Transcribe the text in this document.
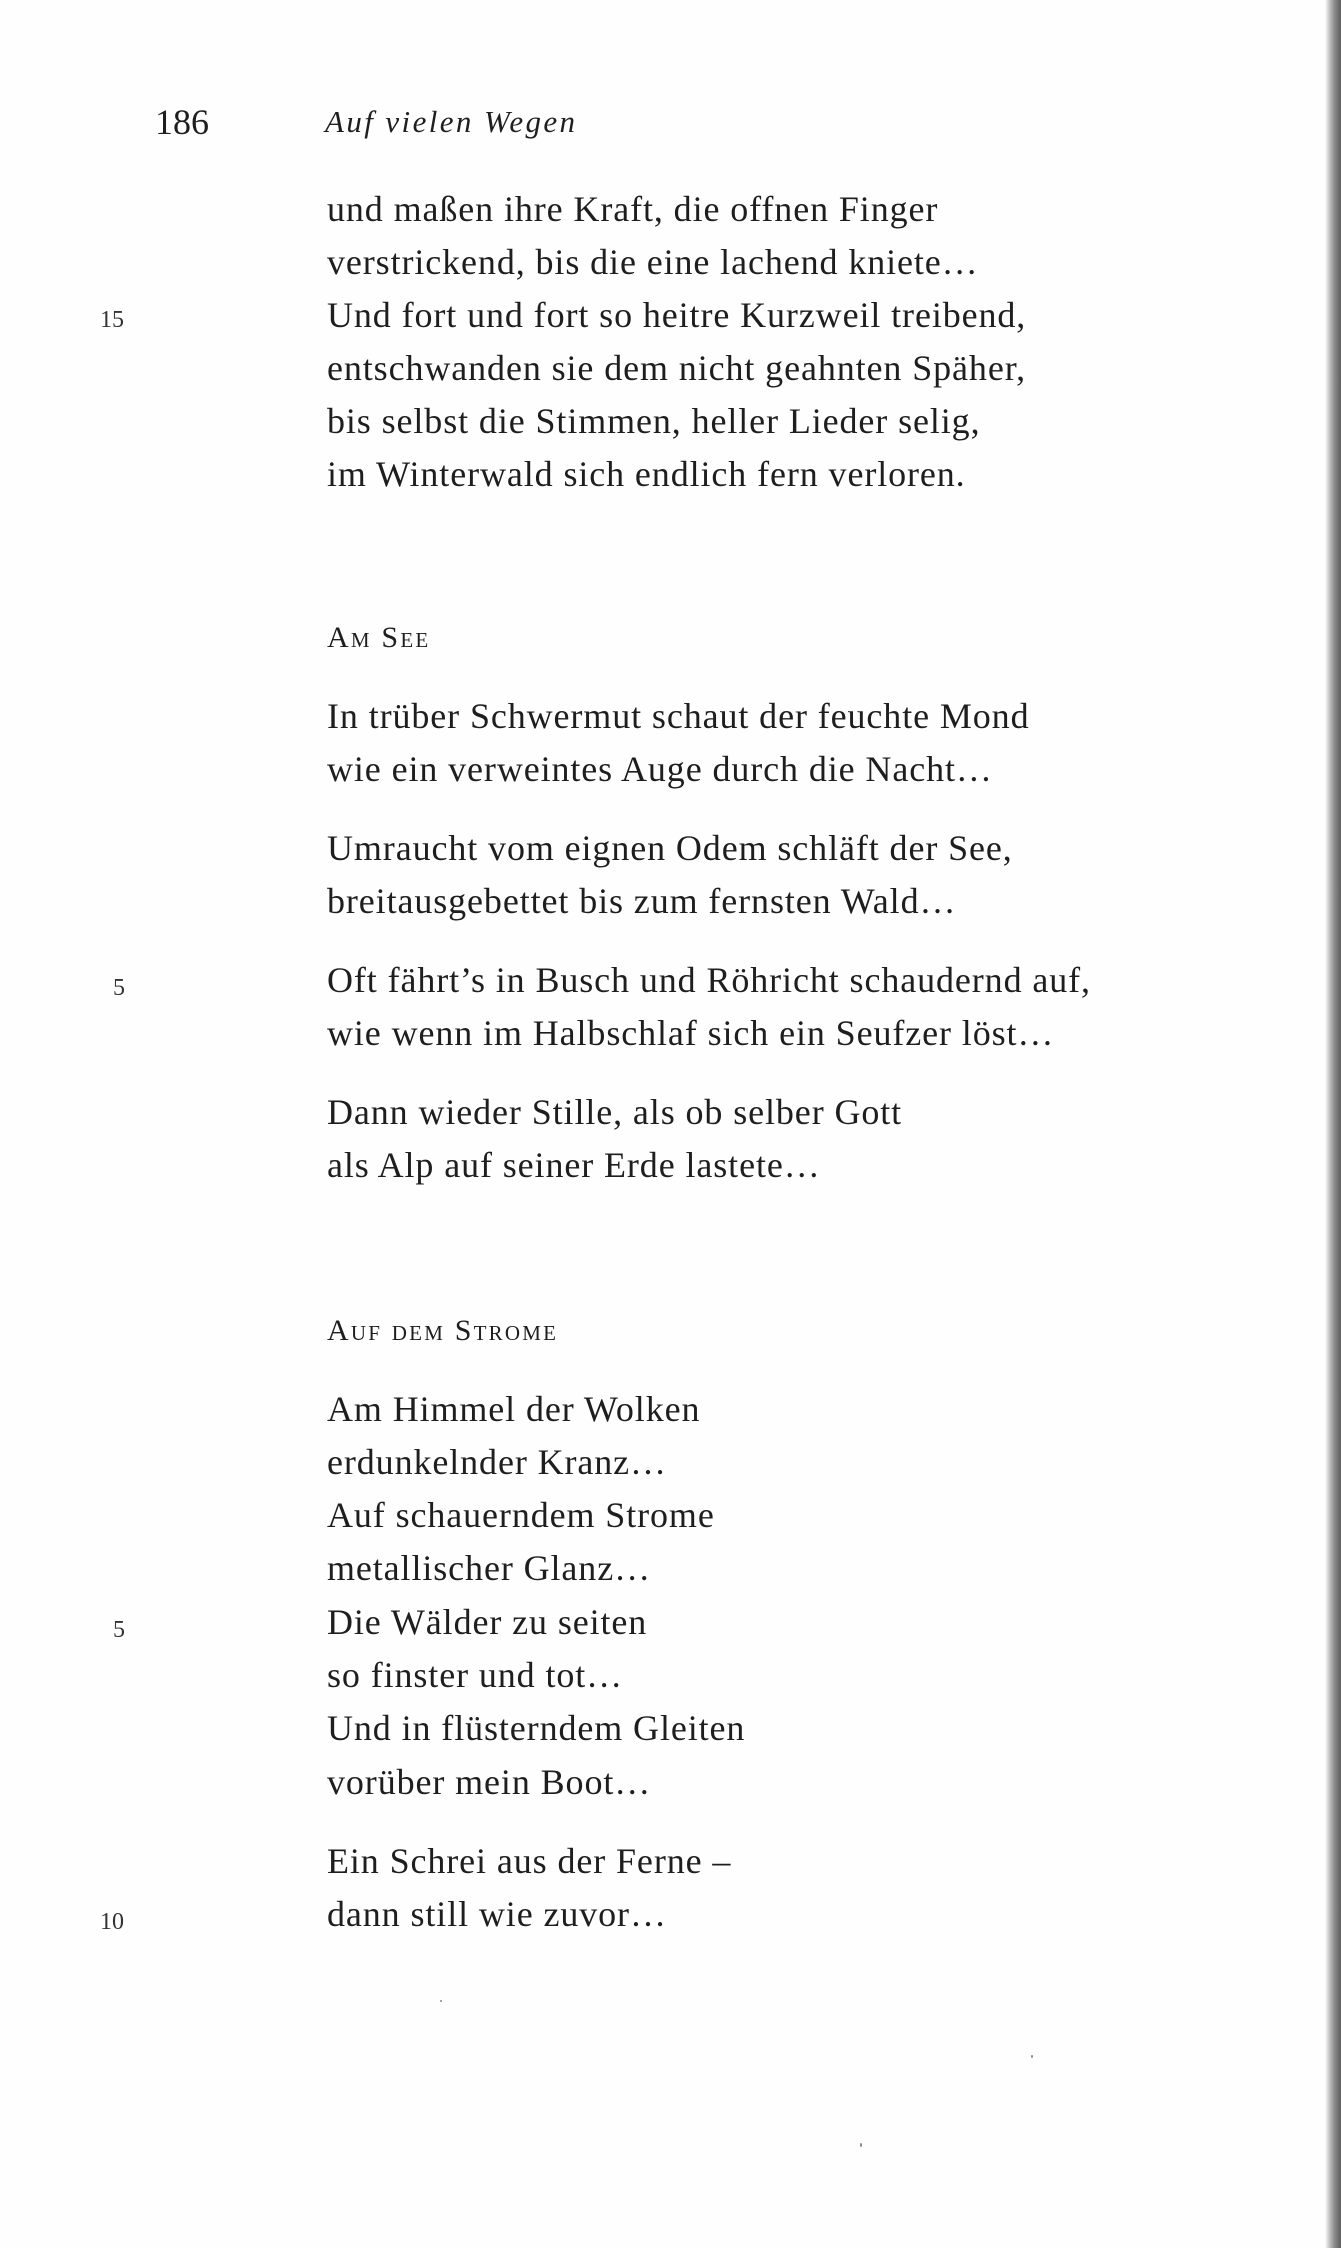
186	Auf vielen Wegen
und maßen ihre Kraft, die offnen Finger
verstrickend, bis die eine lachend kniete…
15	Und fort und fort so heitre Kurzweil treibend,
entschwanden sie dem nicht geahnten Späher,
bis selbst die Stimmen, heller Lieder selig,
im Winterwald sich endlich fern verloren.
Am See
In trüber Schwermut schaut der feuchte Mond
wie ein verweintes Auge durch die Nacht…
Umraucht vom eignen Odem schläft der See,
breitausgebettet bis zum fernsten Wald…
5	Oft fährt’s in Busch und Röhricht schaudernd auf,
wie wenn im Halbschlaf sich ein Seufzer löst…
Dann wieder Stille, als ob selber Gott
als Alp auf seiner Erde lastete…
Auf dem Strome
Am Himmel der Wolken
erdunkelnder Kranz…
Auf schauerndem Strome
metallischer Glanz…
5	Die Wälder zu seiten
so finster und tot…
Und in flüsterndem Gleiten
vorüber mein Boot…
Ein Schrei aus der Ferne –
10	dann still wie zuvor…
